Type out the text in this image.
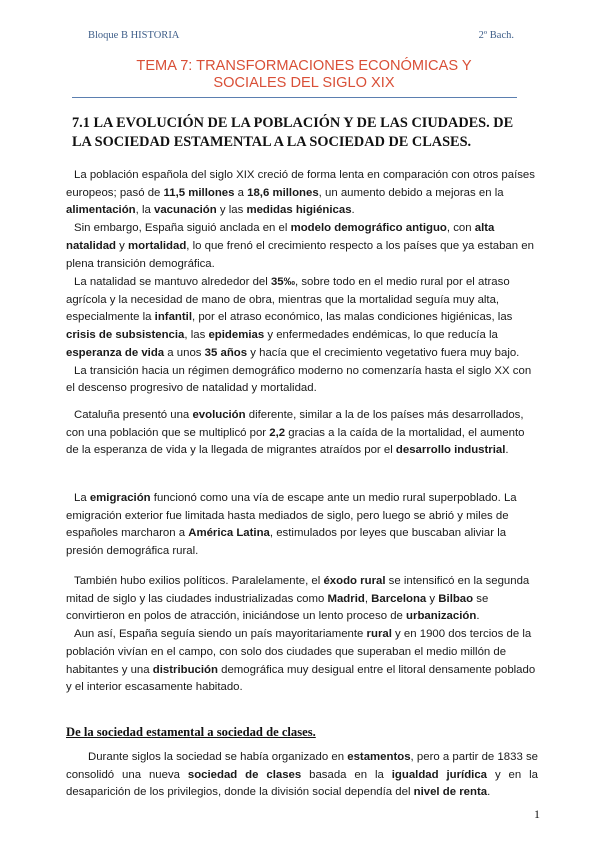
Bloque B HISTORIA	2º Bach.
TEMA 7: TRANSFORMACIONES ECONÓMICAS Y
SOCIALES DEL SIGLO XIX
7.1 LA EVOLUCIÓN DE LA POBLACIÓN Y DE LAS CIUDADES. DE LA SOCIEDAD ESTAMENTAL A LA SOCIEDAD DE CLASES.

La población española del siglo XIX creció de forma lenta en comparación con otros países europeos; pasó de 11,5 millones a 18,6 millones, un aumento debido a mejoras en la alimentación, la vacunación y las medidas higiénicas.

Sin embargo, España siguió anclada en el modelo demográfico antiguo, con alta natalidad y mortalidad, lo que frenó el crecimiento respecto a los países que ya estaban en plena transición demográfica.

La natalidad se mantuvo alrededor del 35‰, sobre todo en el medio rural por el atraso agrícola y la necesidad de mano de obra, mientras que la mortalidad seguía muy alta, especialmente la infantil, por el atraso económico, las malas condiciones higiénicas, las crisis de subsistencia, las epidemias y enfermedades endémicas, lo que reducía la esperanza de vida a unos 35 años y hacía que el crecimiento vegetativo fuera muy bajo.

La transición hacia un régimen demográfico moderno no comenzaría hasta el siglo XX con el descenso progresivo de natalidad y mortalidad.

Cataluña presentó una evolución diferente, similar a la de los países más desarrollados, con una población que se multiplicó por 2,2 gracias a la caída de la mortalidad, el aumento de la esperanza de vida y la llegada de migrantes atraídos por el desarrollo industrial.

La emigración funcionó como una vía de escape ante un medio rural superpoblado. La emigración exterior fue limitada hasta mediados de siglo, pero luego se abrió y miles de españoles marcharon a América Latina, estimulados por leyes que buscaban aliviar la presión demográfica rural.

También hubo exilios políticos. Paralelamente, el éxodo rural se intensificó en la segunda mitad de siglo y las ciudades industrializadas como Madrid, Barcelona y Bilbao se convirtieron en polos de atracción, iniciándose un lento proceso de urbanización.

Aun así, España seguía siendo un país mayoritariamente rural y en 1900 dos tercios de la población vivían en el campo, con solo dos ciudades que superaban el medio millón de habitantes y una distribución demográfica muy desigual entre el litoral densamente poblado y el interior escasamente habitado.

De la sociedad estamental a sociedad de clases.

Durante siglos la sociedad se había organizado en estamentos, pero a partir de 1833 se consolidó una nueva sociedad de clases basada en la igualdad jurídica y en la desaparición de los privilegios, donde la división social dependía del nivel de renta.

1
